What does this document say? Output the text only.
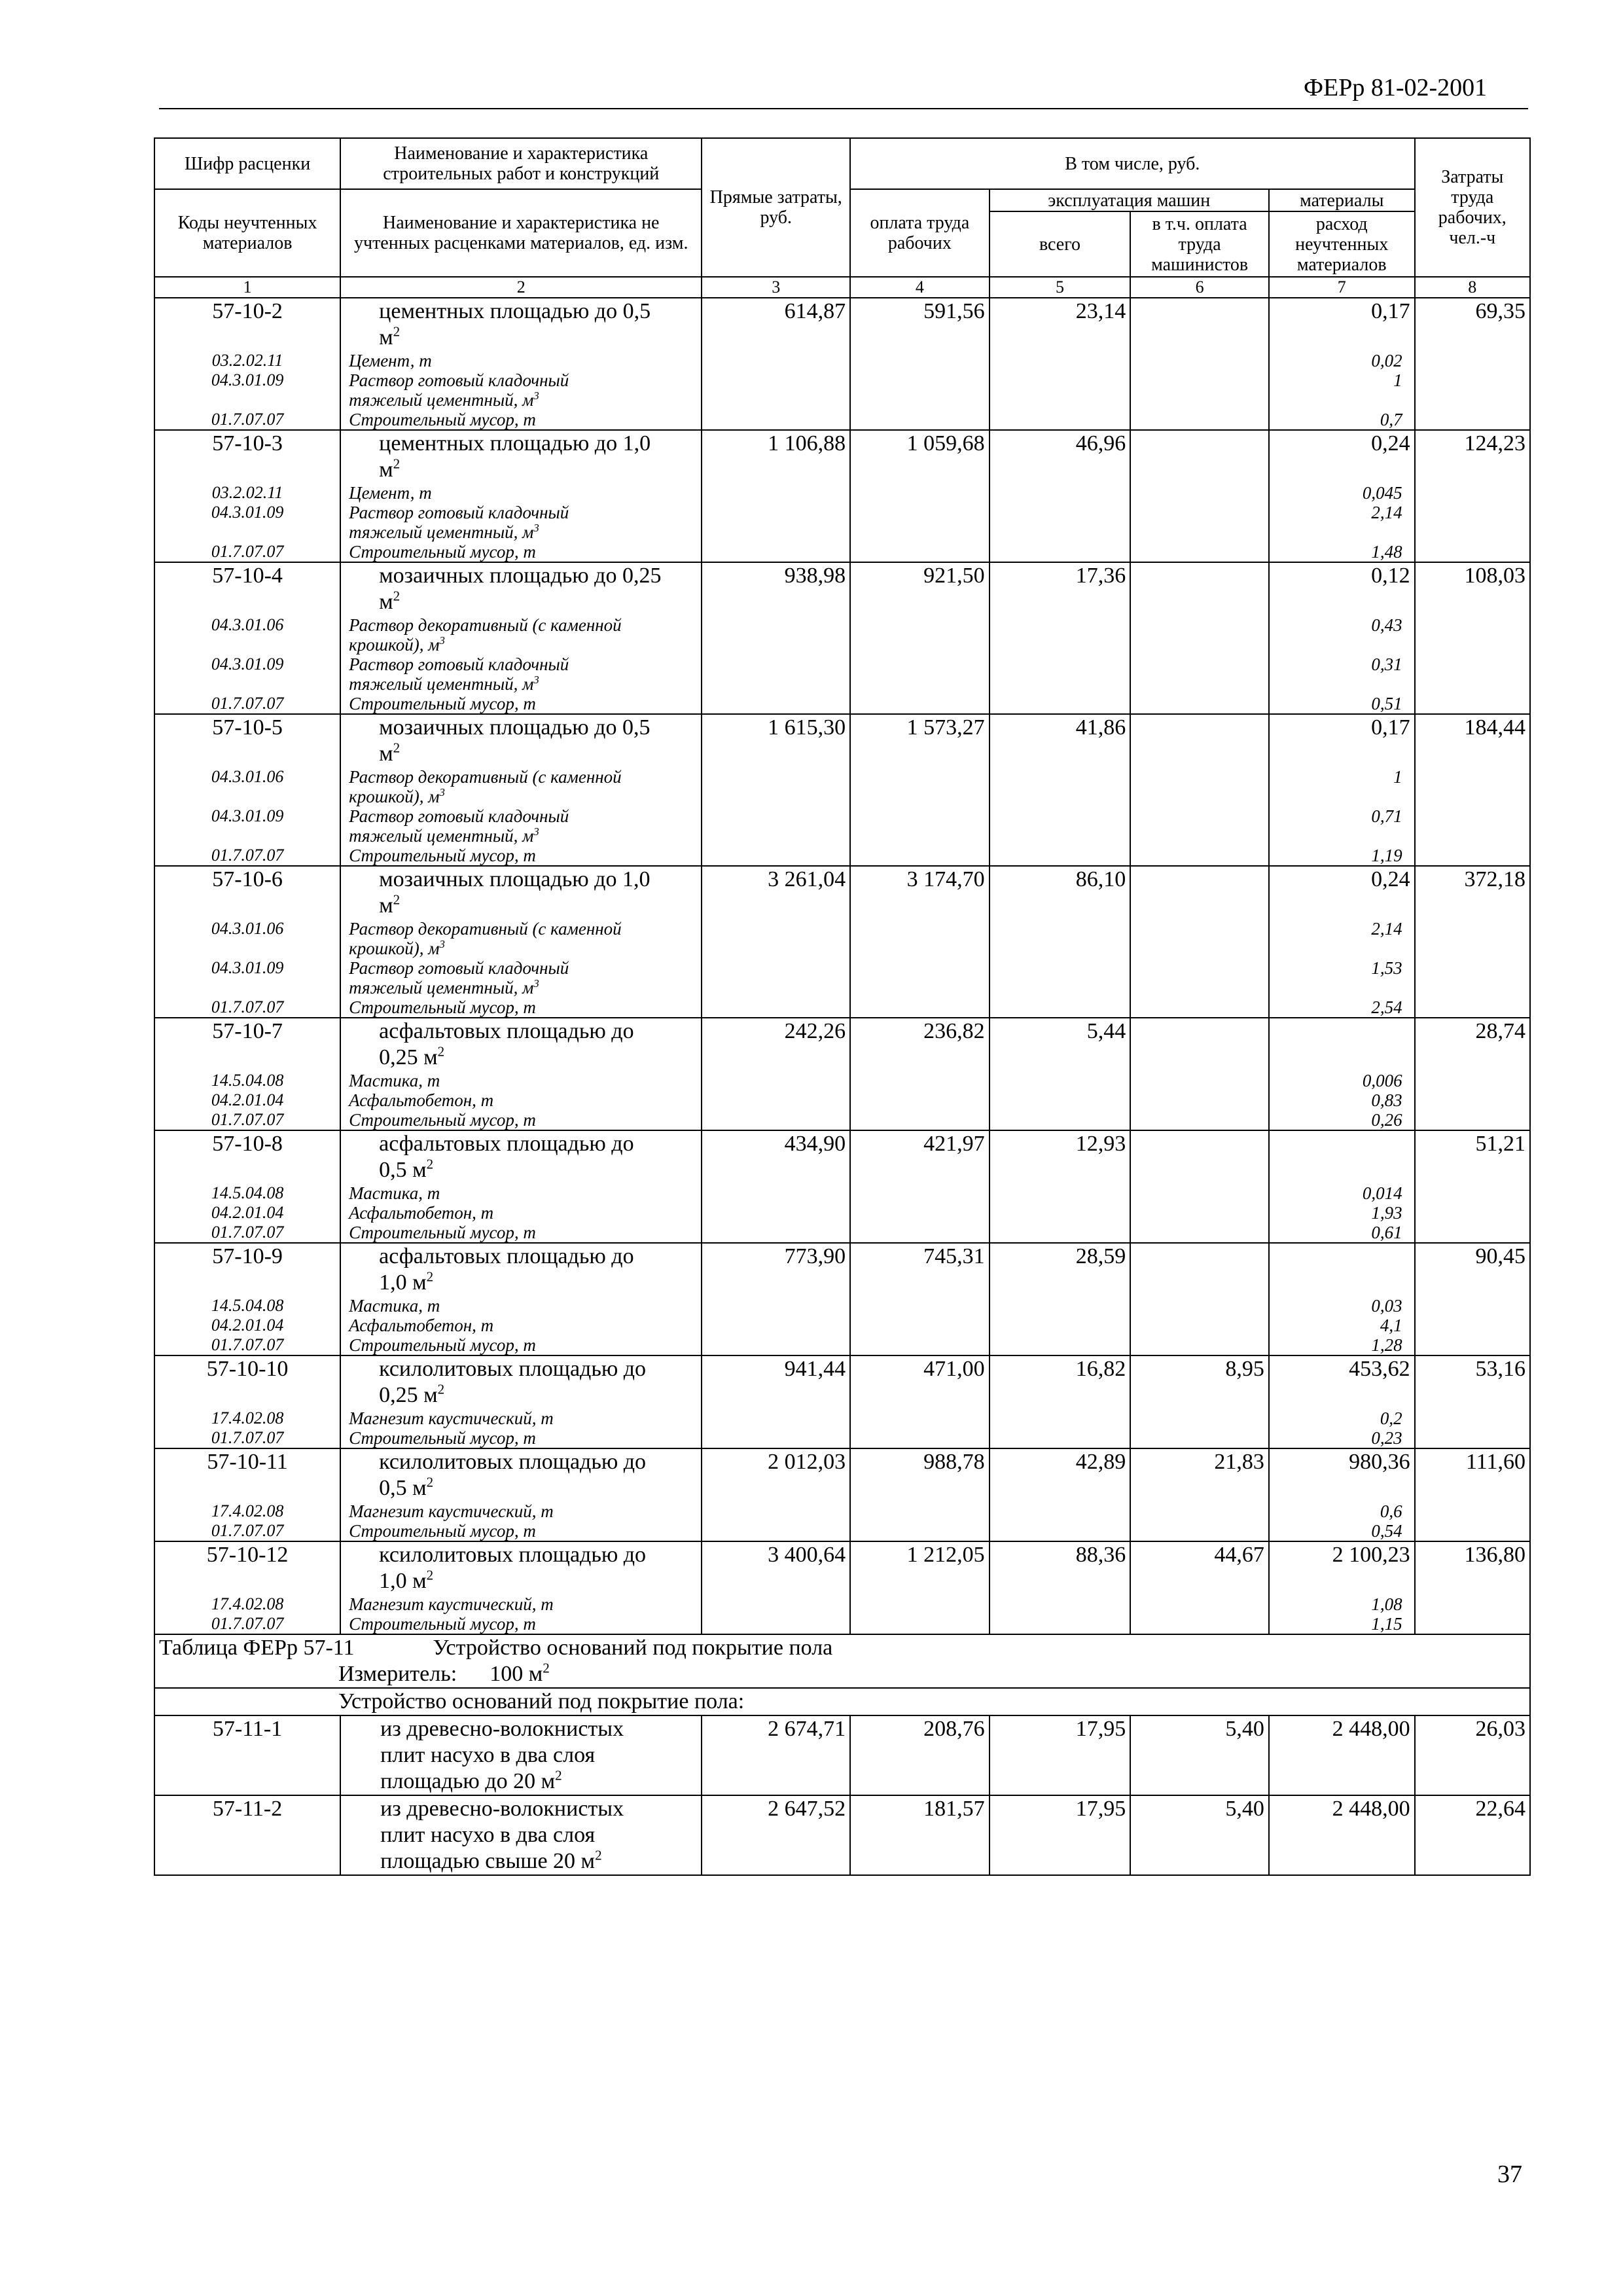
ФЕРр 81-02-2001
Шифр расценки	Наименование и характеристика строительных работ и конструкций	Прямые затраты, руб.	В том числе, руб.				Затраты труда рабочих, чел.-ч
Коды неучтенных материалов	Наименование и характеристика не учтенных расценками материалов, ед. изм.		оплата труда рабочих	эксплуатация машин		материалы	
				всего	в т.ч. оплата труда машинистов	расход неучтенных материалов	
1	2	3	4	5	6	7	8
57-10-2	цементных площадью до 0,5
$м^2$	614,87	591,56	23,14		0,17	69,35
03.2.02.11	Цемент, т					0,02	
04.3.01.09	Раствор готовый кладочный
тяжелый цементный, $м^3$					1	
01.7.07.07	Строительный мусор, т					0,7	
57-10-3	цементных площадью до 1,0
$м^2$	1 106,88	1 059,68	46,96		0,24	124,23
03.2.02.11	Цемент, т					0,045	
04.3.01.09	Раствор готовый кладочный
тяжелый цементный, $м^3$					2,14	
01.7.07.07	Строительный мусор, т					1,48	
57-10-4	мозаичных площадью до 0,25
$м^2$	938,98	921,50	17,36		0,12	108,03
04.3.01.06	Раствор декоративный (с каменной
крошкой), $м^3$					0,43	
04.3.01.09	Раствор готовый кладочный
тяжелый цементный, $м^3$					0,31	
01.7.07.07	Строительный мусор, т					0,51	
57-10-5	мозаичных площадью до 0,5
$м^2$	1 615,30	1 573,27	41,86		0,17	184,44
04.3.01.06	Раствор декоративный (с каменной
крошкой), $м^3$					1	
04.3.01.09	Раствор готовый кладочный
тяжелый цементный, $м^3$					0,71	
01.7.07.07	Строительный мусор, т					1,19	
57-10-6	мозаичных площадью до 1,0
$м^2$	3 261,04	3 174,70	86,10		0,24	372,18
04.3.01.06	Раствор декоративный (с каменной
крошкой), $м^3$					2,14	
04.3.01.09	Раствор готовый кладочный
тяжелый цементный, $м^3$					1,53	
01.7.07.07	Строительный мусор, т					2,54	
57-10-7	асфальтовых площадью до
0,25 $м^2$	242,26	236,82	5,44			28,74
14.5.04.08	Мастика, т					0,006	
04.2.01.04	Асфальтобетон, т					0,83	
01.7.07.07	Строительный мусор, т					0,26	
57-10-8	асфальтовых площадью до
0,5 $м^2$	434,90	421,97	12,93			51,21
14.5.04.08	Мастика, т					0,014	
04.2.01.04	Асфальтобетон, т					1,93	
01.7.07.07	Строительный мусор, т					0,61	
57-10-9	асфальтовых площадью до
1,0 $м^2$	773,90	745,31	28,59			90,45
14.5.04.08	Мастика, т					0,03	
04.2.01.04	Асфальтобетон, т					4,1	
01.7.07.07	Строительный мусор, т					1,28	
57-10-10	ксилолитовых площадью до
0,25 $м^2$	941,44	471,00	16,82	8,95	453,62	53,16
17.4.02.08	Магнезит каустический, т					0,2	
01.7.07.07	Строительный мусор, т					0,23	
57-10-11	ксилолитовых площадью до
0,5 $м^2$	2 012,03	988,78	42,89	21,83	980,36	111,60
17.4.02.08	Магнезит каустический, т					0,6	
01.7.07.07	Строительный мусор, т					0,54	
57-10-12	ксилолитовых площадью до
1,0 $м^2$	3 400,64	1 212,05	88,36	44,67	2 100,23	136,80
17.4.02.08	Магнезит каустический, т					1,08	
01.7.07.07	Строительный мусор, т					1,15	
Таблица ФЕРр 57-11 Устройство оснований под покрытие пола							
Измеритель: 100 $м^2$
Устройство оснований под покрытие пола:							
57-11-1	из древесно-волокнистых
плит насухо в два слоя
площадью до 20 $м^2$	2 674,71	208,76	17,95	5,40	2 448,00	26,03
57-11-2	из древесно-волокнистых
плит насухо в два слоя
площадью свыше 20 $м^2$	2 647,52	181,57	17,95	5,40	2 448,00	22,64
37
